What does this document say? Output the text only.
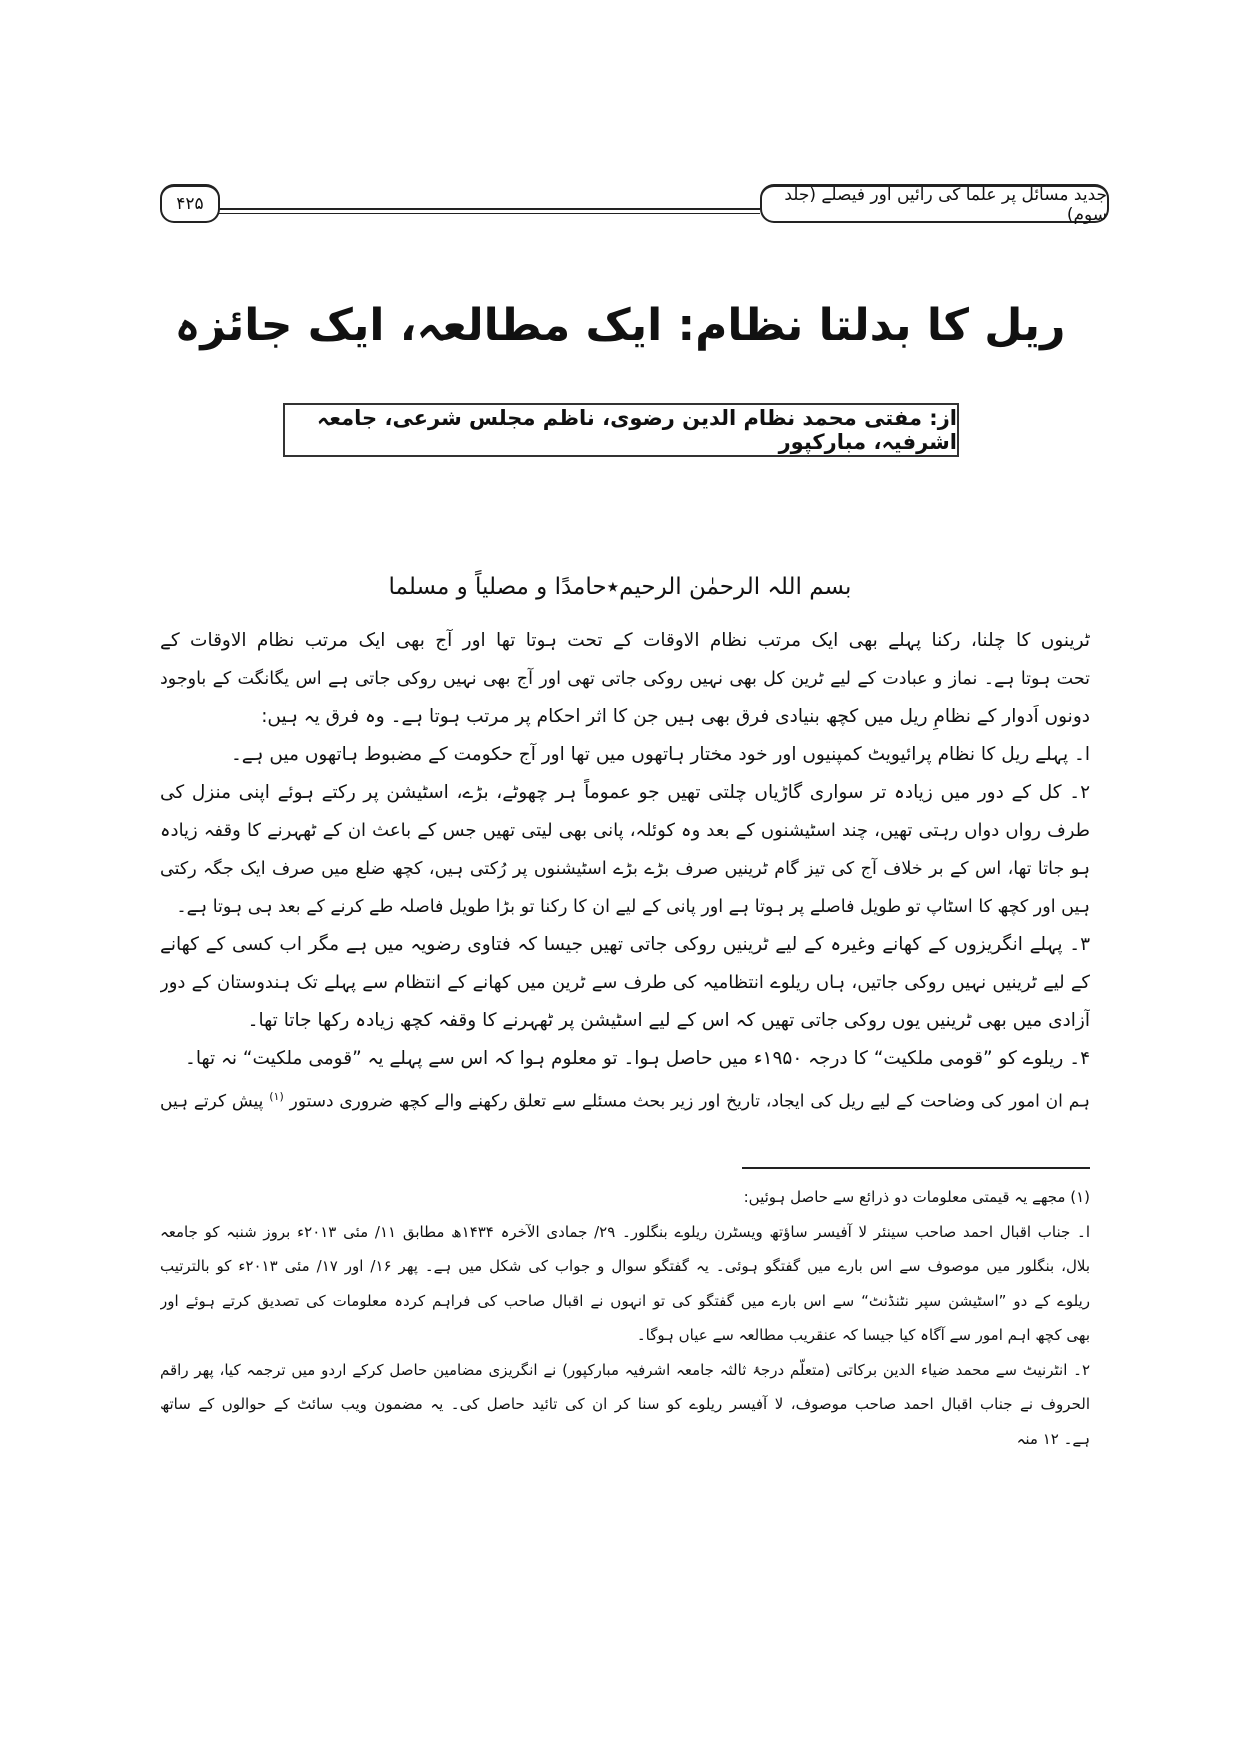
جدید مسائل پر علما کی رائیں اور فیصلے (جلد سوم)
۴۲۵
ریل کا بدلتا نظام: ایک مطالعہ، ایک جائزہ
از: مفتی محمد نظام الدین رضوی، ناظم مجلس شرعی، جامعہ اشرفیہ، مبارکپور
بسم اللہ الرحمٰن الرحیم٭حامدًا و مصلیاً و مسلما
ٹرینوں کا چلنا، رکنا پہلے بھی ایک مرتب نظام الاوقات کے تحت ہوتا تھا اور آج بھی ایک مرتب نظام الاوقات کے
تحت ہوتا ہے۔ نماز و عبادت کے لیے ٹرین کل بھی نہیں روکی جاتی تھی اور آج بھی نہیں روکی جاتی ہے اس یگانگت کے باوجود
دونوں اَدوار کے نظامِ ریل میں کچھ بنیادی فرق بھی ہیں جن کا اثر احکام پر مرتب ہوتا ہے۔ وہ فرق یہ ہیں:
ا۔ پہلے ریل کا نظام پرائیویٹ کمپنیوں اور خود مختار ہاتھوں میں تھا اور آج حکومت کے مضبوط ہاتھوں میں ہے۔
۲۔ کل کے دور میں زیادہ تر سواری گاڑیاں چلتی تھیں جو عموماً ہر چھوٹے، بڑے، اسٹیشن پر رکتے ہوئے اپنی منزل کی
طرف رواں دواں رہتی تھیں، چند اسٹیشنوں کے بعد وہ کوئلہ، پانی بھی لیتی تھیں جس کے باعث ان کے ٹھہرنے کا وقفہ زیادہ
ہو جاتا تھا، اس کے بر خلاف آج کی تیز گام ٹرینیں صرف بڑے بڑے اسٹیشنوں پر رُکتی ہیں، کچھ ضلع میں صرف ایک جگہ رکتی
ہیں اور کچھ کا اسٹاپ تو طویل فاصلے پر ہوتا ہے اور پانی کے لیے ان کا رکنا تو بڑا طویل فاصلہ طے کرنے کے بعد ہی ہوتا ہے۔
۳۔ پہلے انگریزوں کے کھانے وغیرہ کے لیے ٹرینیں روکی جاتی تھیں جیسا کہ فتاوی رضویہ میں ہے مگر اب کسی کے کھانے
کے لیے ٹرینیں نہیں روکی جاتیں، ہاں ریلوے انتظامیہ کی طرف سے ٹرین میں کھانے کے انتظام سے پہلے تک ہندوستان کے دور
آزادی میں بھی ٹرینیں یوں روکی جاتی تھیں کہ اس کے لیے اسٹیشن پر ٹھہرنے کا وقفہ کچھ زیادہ رکھا جاتا تھا۔
۴۔ ریلوے کو ”قومی ملکیت“ کا درجہ ۱۹۵۰ء میں حاصل ہوا۔ تو معلوم ہوا کہ اس سے پہلے یہ ”قومی ملکیت“ نہ تھا۔
ہم ان امور کی وضاحت کے لیے ریل کی ایجاد، تاریخ اور زیر بحث مسئلے سے تعلق رکھنے والے کچھ ضروری دستور $^{(۱)}$ پیش کرتے ہیں
(۱) مجھے یہ قیمتی معلومات دو ذرائع سے حاصل ہوئیں:
ا۔ جناب اقبال احمد صاحب سینئر لا آفیسر ساؤتھ ویسٹرن ریلوے بنگلور۔ ۲۹/ جمادی الآخرہ ۱۴۳۴ھ مطابق ۱۱/ مئی ۲۰۱۳ء بروز شنبہ کو جامعہ
بلال، بنگلور میں موصوف سے اس بارے میں گفتگو ہوئی۔ یہ گفتگو سوال و جواب کی شکل میں ہے۔ پھر ۱۶/ اور ۱۷/ مئی ۲۰۱۳ء کو بالترتیب
ریلوے کے دو ”اسٹیشن سپر نٹنڈنٹ“ سے اس بارے میں گفتگو کی تو انہوں نے اقبال صاحب کی فراہم کردہ معلومات کی تصدیق کرتے ہوئے اور
بھی کچھ اہم امور سے آگاہ کیا جیسا کہ عنقریب مطالعہ سے عیاں ہوگا۔
۲۔ انٹرنیٹ سے محمد ضیاء الدین برکاتی (متعلّم درجۂ ثالثہ جامعہ اشرفیہ مبارکپور) نے انگریزی مضامین حاصل کرکے اردو میں ترجمہ کیا، پھر راقم
الحروف نے جناب اقبال احمد صاحب موصوف، لا آفیسر ریلوے کو سنا کر ان کی تائید حاصل کی۔ یہ مضمون ویب سائٹ کے حوالوں کے ساتھ
ہے۔ ۱۲ منہ
